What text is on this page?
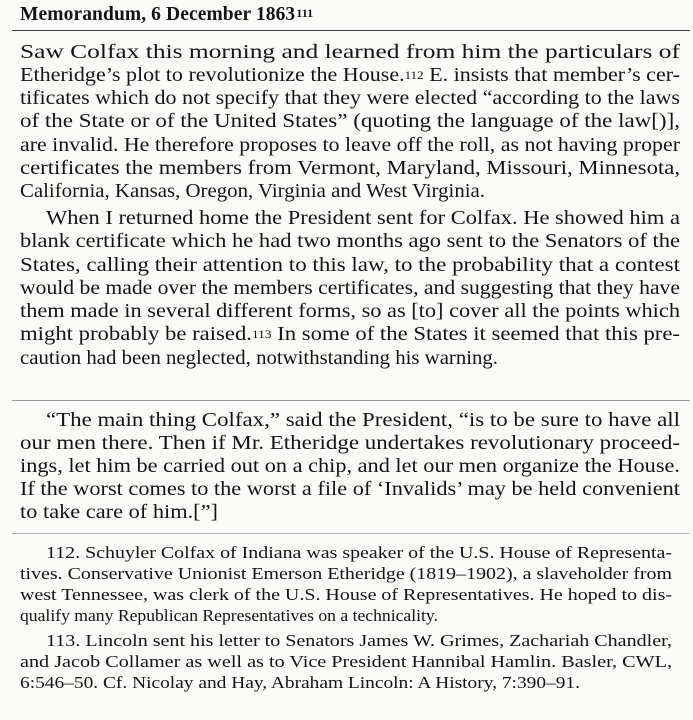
Memorandum, 6 December 1863$^{111}$
Saw Colfax this morning and learned from him the particulars of
Etheridge’s plot to revolutionize the House.$^{112}$ E. insists that member’s cer-
tificates which do not specify that they were elected “according to the laws
of the State or of the United States” (quoting the language of the law[)],
are invalid. He therefore proposes to leave off the roll, as not having proper
certificates the members from Vermont, Maryland, Missouri, Minnesota,
California, Kansas, Oregon, Virginia and West Virginia.
When I returned home the President sent for Colfax. He showed him a
blank certificate which he had two months ago sent to the Senators of the
States, calling their attention to this law, to the probability that a contest
would be made over the members certificates, and suggesting that they have
them made in several different forms, so as [to] cover all the points which
might probably be raised.$^{113}$ In some of the States it seemed that this pre-
caution had been neglected, notwithstanding his warning.
“The main thing Colfax,” said the President, “is to be sure to have all
our men there. Then if Mr. Etheridge undertakes revolutionary proceed-
ings, let him be carried out on a chip, and let our men organize the House.
If the worst comes to the worst a file of ‘Invalids’ may be held convenient
to take care of him.[”]
112. Schuyler Colfax of Indiana was speaker of the U.S. House of Representa-
tives. Conservative Unionist Emerson Etheridge (1819–1902), a slaveholder from
west Tennessee, was clerk of the U.S. House of Representatives. He hoped to dis-
qualify many Republican Representatives on a technicality.
113. Lincoln sent his letter to Senators James W. Grimes, Zachariah Chandler,
and Jacob Collamer as well as to Vice President Hannibal Hamlin. Basler, CWL,
6:546–50. Cf. Nicolay and Hay, Abraham Lincoln: A History, 7:390–91.
